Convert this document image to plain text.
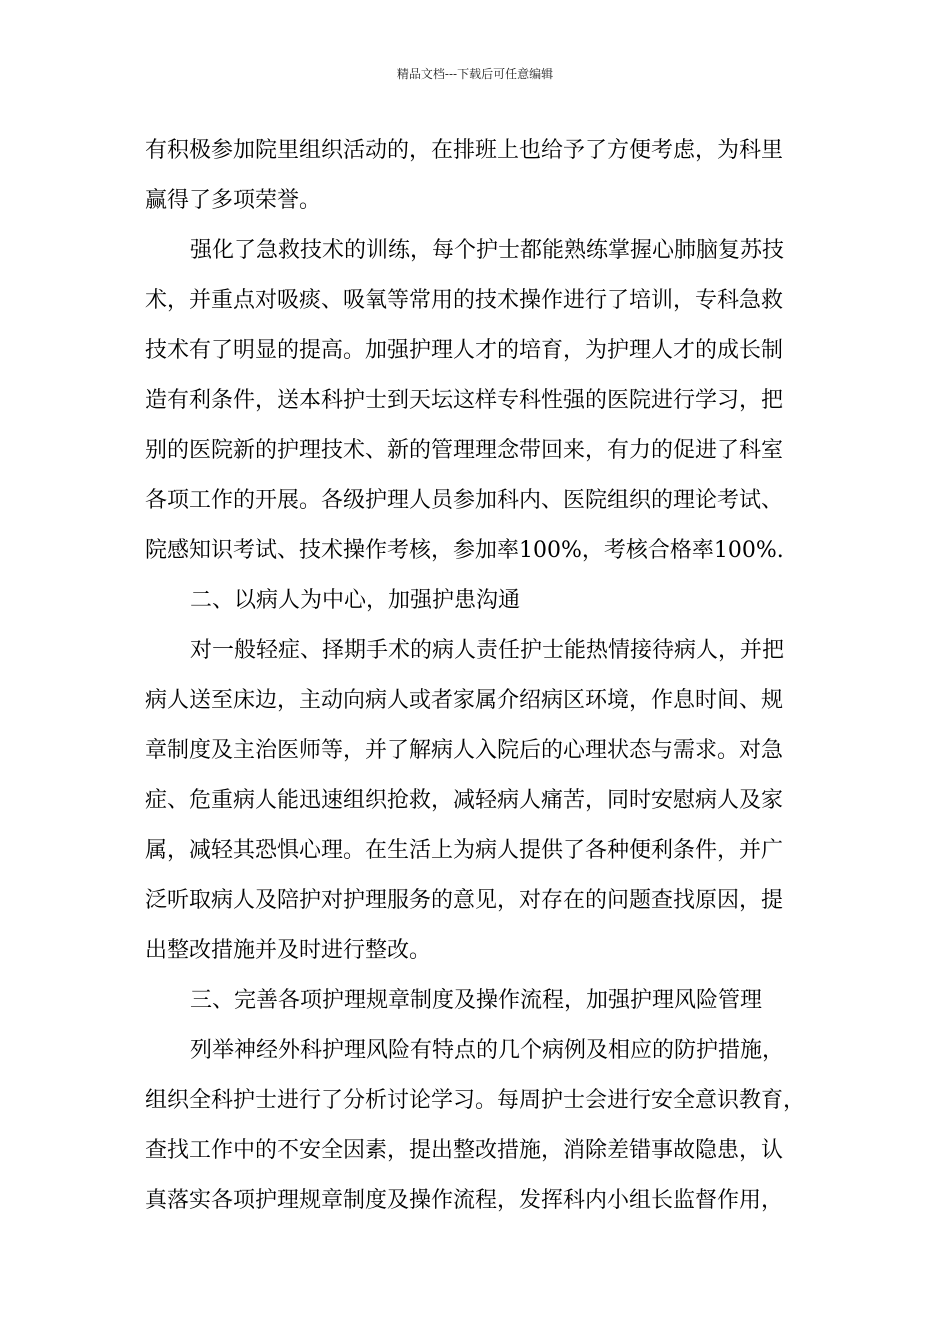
精品文档---下载后可任意编辑
有积极参加院里组织活动的，在排班上也给予了方便考虑，为科里
赢得了多项荣誉。
强化了急救技术的训练，每个护士都能熟练掌握心肺脑复苏技
术，并重点对吸痰、吸氧等常用的技术操作进行了培训，专科急救
技术有了明显的提高。加强护理人才的培育，为护理人才的成长制
造有利条件，送本科护士到天坛这样专科性强的医院进行学习，把
别的医院新的护理技术、新的管理理念带回来，有力的促进了科室
各项工作的开展。各级护理人员参加科内、医院组织的理论考试、
院感知识考试、技术操作考核，参加率100%，考核合格率100%.
二、以病人为中心，加强护患沟通
对一般轻症、择期手术的病人责任护士能热情接待病人，并把
病人送至床边，主动向病人或者家属介绍病区环境，作息时间、规
章制度及主治医师等，并了解病人入院后的心理状态与需求。对急
症、危重病人能迅速组织抢救，减轻病人痛苦，同时安慰病人及家
属，减轻其恐惧心理。在生活上为病人提供了各种便利条件，并广
泛听取病人及陪护对护理服务的意见，对存在的问题查找原因，提
出整改措施并及时进行整改。
三、完善各项护理规章制度及操作流程，加强护理风险管理
列举神经外科护理风险有特点的几个病例及相应的防护措施，
组织全科护士进行了分析讨论学习。每周护士会进行安全意识教育，
查找工作中的不安全因素，提出整改措施，消除差错事故隐患，认
真落实各项护理规章制度及操作流程，发挥科内小组长监督作用，
